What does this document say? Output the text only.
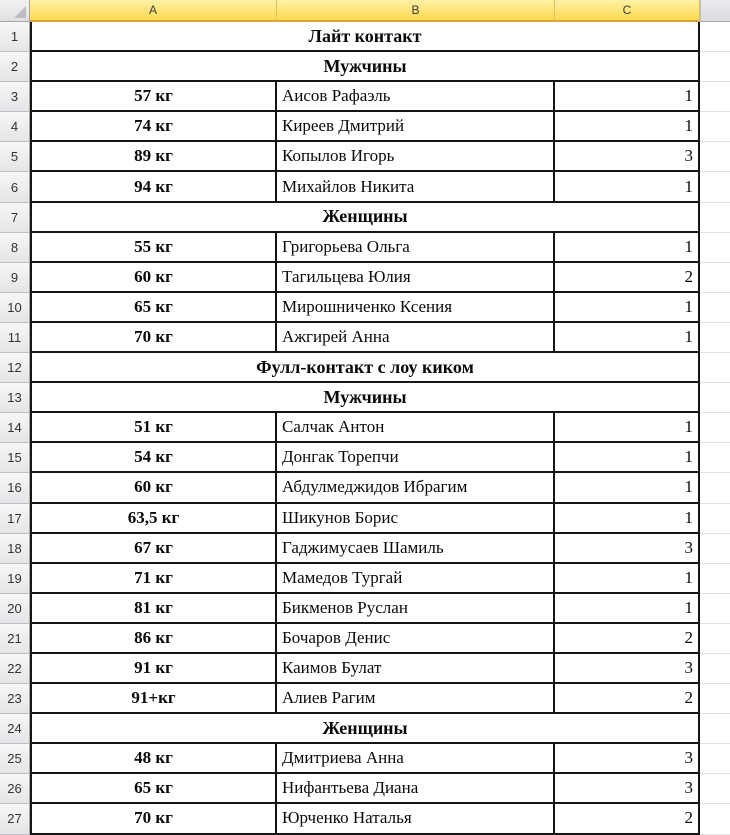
A	B	C
1	Лайт контакт
2	Мужчины
3	57 кг	Аисов Рафаэль	1
4	74 кг	Киреев Дмитрий	1
5	89 кг	Копылов Игорь	3
6	94 кг	Михайлов Никита	1
7	Женщины
8	55 кг	Григорьева Ольга	1
9	60 кг	Тагильцева Юлия	2
10	65 кг	Мирошниченко Ксения	1
11	70 кг	Ажгирей Анна	1
12	Фулл-контакт с лоу киком
13	Мужчины
14	51 кг	Салчак Антон	1
15	54 кг	Донгак Торепчи	1
16	60 кг	Абдулмеджидов Ибрагим	1
17	63,5 кг	Шикунов Борис	1
18	67 кг	Гаджимусаев Шамиль	3
19	71 кг	Мамедов Тургай	1
20	81 кг	Бикменов Руслан	1
21	86 кг	Бочаров Денис	2
22	91 кг	Каимов Булат	3
23	91+кг	Алиев Рагим	2
24	Женщины
25	48 кг	Дмитриева Анна	3
26	65 кг	Нифантьева Диана	3
27	70 кг	Юрченко Наталья	2
